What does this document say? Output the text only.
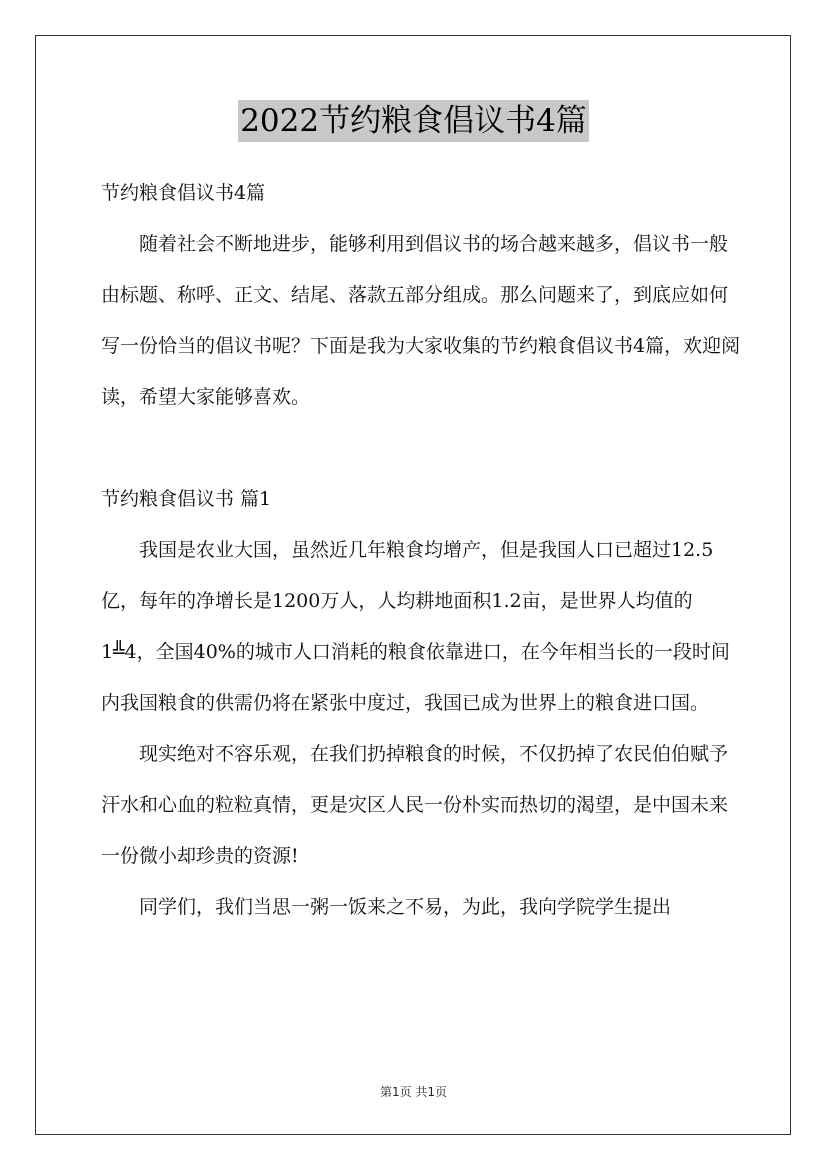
2022节约粮食倡议书4篇

节约粮食倡议书4篇

随着社会不断地进步，能够利用到倡议书的场合越来越多，倡议书一般由标题、称呼、正文、结尾、落款五部分组成。那么问题来了，到底应如何写一份恰当的倡议书呢？下面是我为大家收集的节约粮食倡议书4篇，欢迎阅读，希望大家能够喜欢。

节约粮食倡议书 篇1

我国是农业大国，虽然近几年粮食均增产，但是我国人口已超过12.5亿，每年的净增长是1200万人，人均耕地面积1.2亩，是世界人均值的1╩4，全国40%的城市人口消耗的粮食依靠进口，在今年相当长的一段时间内我国粮食的供需仍将在紧张中度过，我国已成为世界上的粮食进口国。

现实绝对不容乐观，在我们扔掉粮食的时候，不仅扔掉了农民伯伯赋予汗水和心血的粒粒真情，更是灾区人民一份朴实而热切的渴望，是中国未来一份微小却珍贵的资源!

同学们，我们当思一粥一饭来之不易，为此，我向学院学生提出

第1页 共1页
